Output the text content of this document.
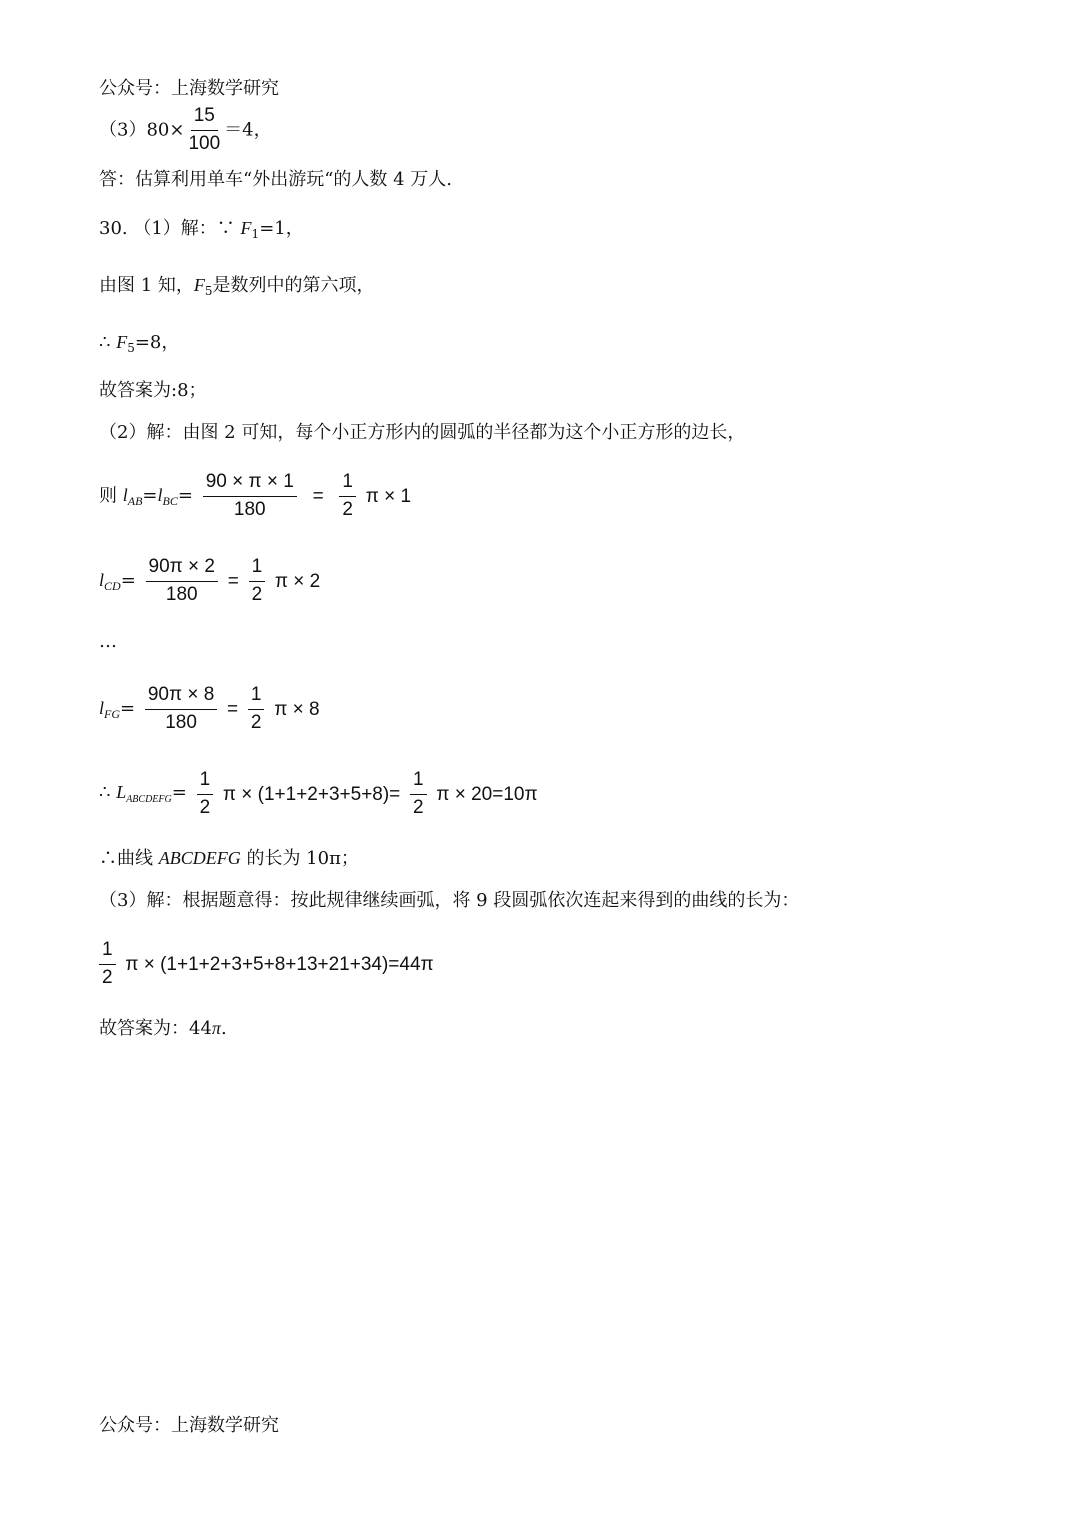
公众号：上海数学研究
$(3)80\times \frac{15}{100} =4$，
答：估算利用单车“外出游玩“的人数 4 万人.
30. （1）解：∵ $F_1=1$，
由图 1 知，$F_5$是数列中的第六项，
∴ $F_5=8$，
故答案为:8；
（2）解：由图 2 可知，每个小正方形内的圆弧的半径都为这个小正方形的边长，
则 $l_{AB}=l_{BC}= \frac{90 \times \pi \times 1}{180} = \frac{1}{2}$ π × 1
$l_{CD}= \frac{90\pi \times 2}{180} = \frac{1}{2}$ π × 2
…
$l_{FG}= \frac{90\pi \times 8}{180} = \frac{1}{2}$ π × 8
∴ $L_{ABCDEFG}= \frac{1}{2}$ $\pi \times (1+1+2+3+5+8)= \frac{1}{2}$ π × 20=10π
∴曲线 ABCDEFG 的长为 10π；
（3）解：根据题意得：按此规律继续画弧，将 9 段圆弧依次连起来得到的曲线的长为：
$\frac{1}{2}$ π × (1+1+2+3+5+8+13+21+34)=44π
故答案为：44π.
公众号：上海数学研究
